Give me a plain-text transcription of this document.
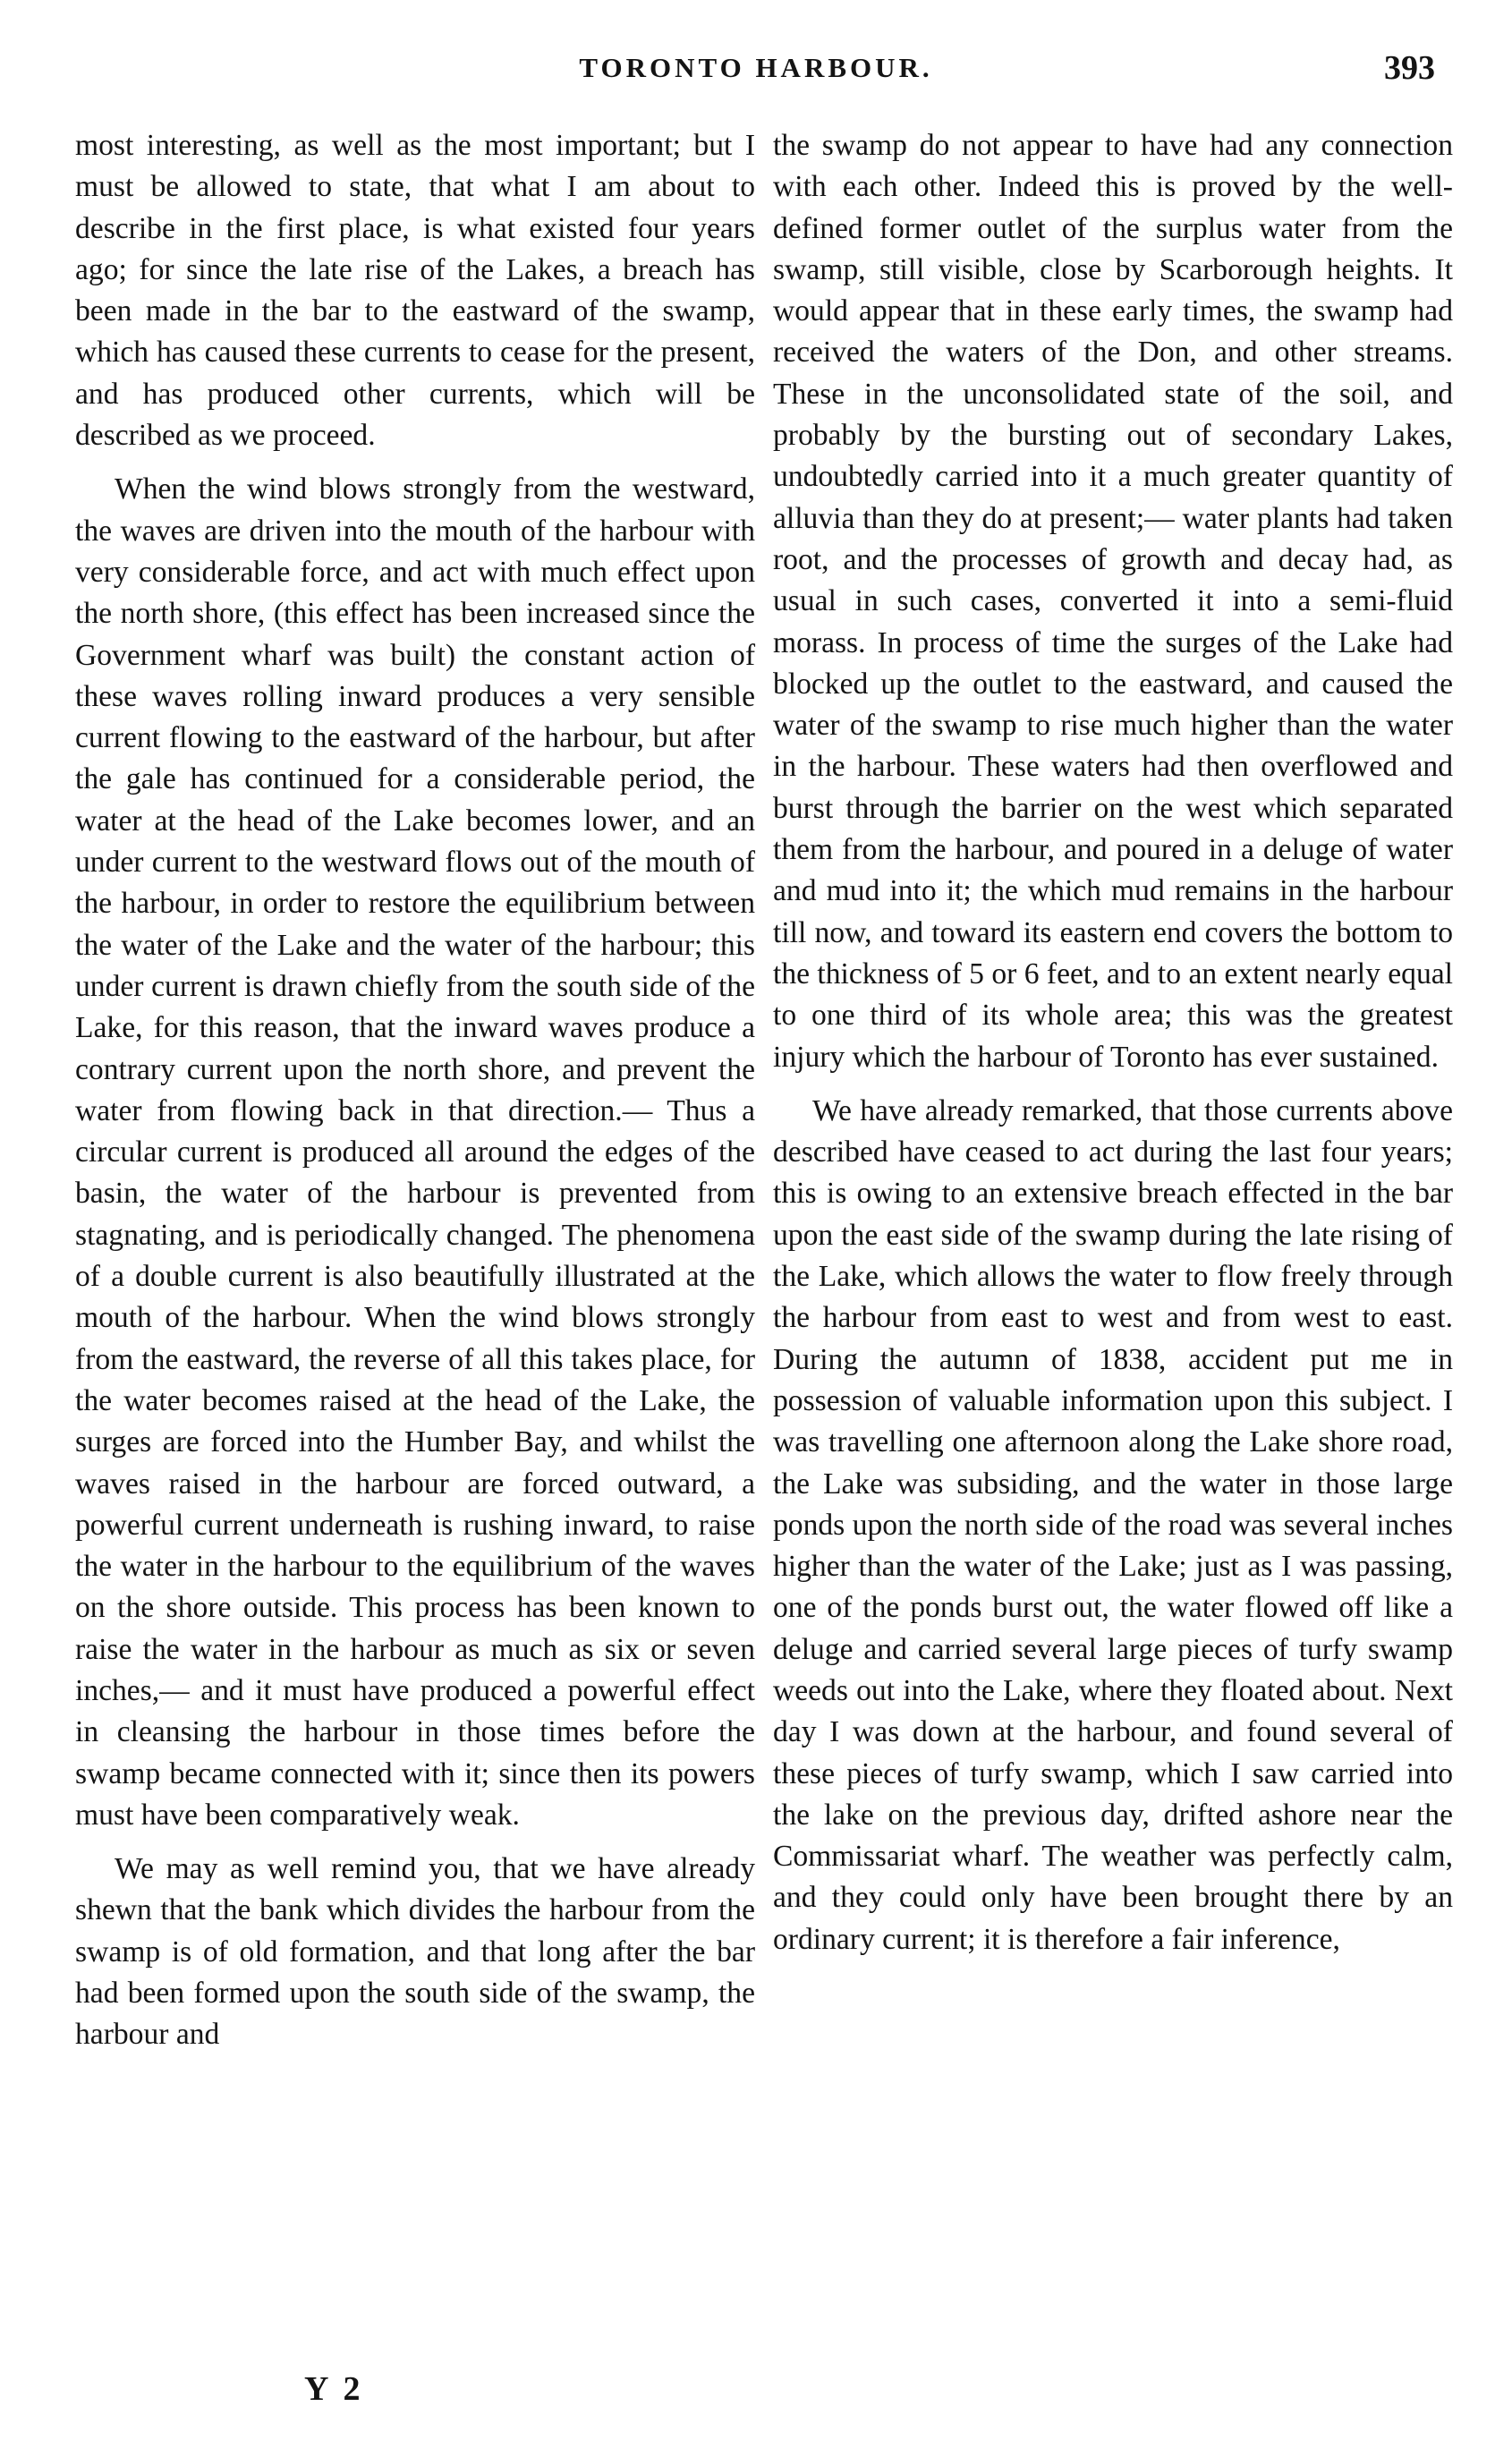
TORONTO HARBOUR.	393

most interesting, as well as the most important; but I must be allowed to state, that what I am about to describe in the first place, is what existed four years ago; for since the late rise of the Lakes, a breach has been made in the bar to the eastward of the swamp, which has caused these currents to cease for the present, and has produced other currents, which will be described as we proceed.

When the wind blows strongly from the westward, the waves are driven into the mouth of the harbour with very considerable force, and act with much effect upon the north shore, (this effect has been increased since the Government wharf was built) the constant action of these waves rolling inward produces a very sensible current flowing to the eastward of the harbour, but after the gale has continued for a considerable period, the water at the head of the Lake becomes lower, and an under current to the westward flows out of the mouth of the harbour, in order to restore the equilibrium between the water of the Lake and the water of the harbour; this under current is drawn chiefly from the south side of the Lake, for this reason, that the inward waves produce a contrary current upon the north shore, and prevent the water from flowing back in that direction.— Thus a circular current is produced all around the edges of the basin, the water of the harbour is prevented from stagnating, and is periodically changed. The phenomena of a double current is also beautifully illustrated at the mouth of the harbour. When the wind blows strongly from the eastward, the reverse of all this takes place, for the water becomes raised at the head of the Lake, the surges are forced into the Humber Bay, and whilst the waves raised in the harbour are forced outward, a powerful current underneath is rushing inward, to raise the water in the harbour to the equilibrium of the waves on the shore outside. This process has been known to raise the water in the harbour as much as six or seven inches,— and it must have produced a powerful effect in cleansing the harbour in those times before the swamp became connected with it; since then its powers must have been comparatively weak.

We may as well remind you, that we have already shewn that the bank which divides the harbour from the swamp is of old formation, and that long after the bar had been formed upon the south side of the swamp, the harbour and

the swamp do not appear to have had any connection with each other. Indeed this is proved by the well-defined former outlet of the surplus water from the swamp, still visible, close by Scarborough heights. It would appear that in these early times, the swamp had received the waters of the Don, and other streams. These in the unconsolidated state of the soil, and probably by the bursting out of secondary Lakes, undoubtedly carried into it a much greater quantity of alluvia than they do at present;— water plants had taken root, and the processes of growth and decay had, as usual in such cases, converted it into a semi-fluid morass. In process of time the surges of the Lake had blocked up the outlet to the eastward, and caused the water of the swamp to rise much higher than the water in the harbour. These waters had then overflowed and burst through the barrier on the west which separated them from the harbour, and poured in a deluge of water and mud into it; the which mud remains in the harbour till now, and toward its eastern end covers the bottom to the thickness of 5 or 6 feet, and to an extent nearly equal to one third of its whole area; this was the greatest injury which the harbour of Toronto has ever sustained.

We have already remarked, that those currents above described have ceased to act during the last four years; this is owing to an extensive breach effected in the bar upon the east side of the swamp during the late rising of the Lake, which allows the water to flow freely through the harbour from east to west and from west to east. During the autumn of 1838, accident put me in possession of valuable information upon this subject. I was travelling one afternoon along the Lake shore road, the Lake was subsiding, and the water in those large ponds upon the north side of the road was several inches higher than the water of the Lake; just as I was passing, one of the ponds burst out, the water flowed off like a deluge and carried several large pieces of turfy swamp weeds out into the Lake, where they floated about. Next day I was down at the harbour, and found several of these pieces of turfy swamp, which I saw carried into the lake on the previous day, drifted ashore near the Commissariat wharf. The weather was perfectly calm, and they could only have been brought there by an ordinary current; it is therefore a fair inference,

Y 2
